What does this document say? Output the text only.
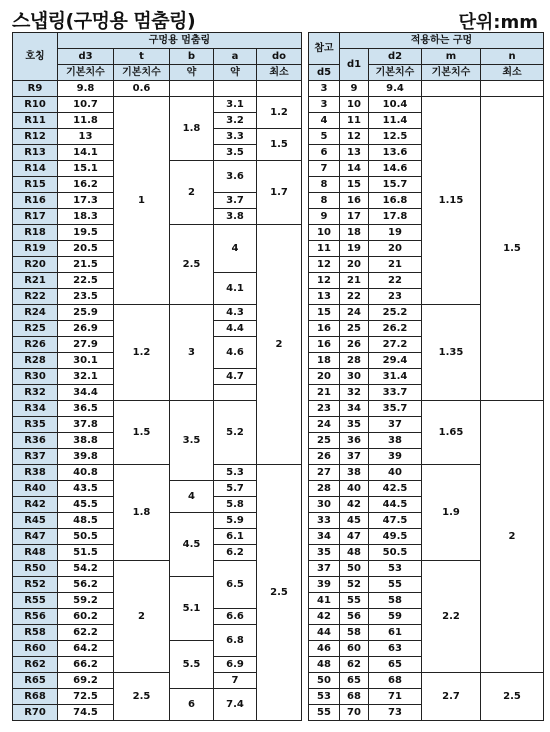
스냅링(구멍용 멈춤링)	단위:mm
호칭	구멍용 멈춤링				
	d3	t	b	a	do
	기본치수	기본치수	약	약	최소
R9	9.8	0.6			
R10	10.7	1	1.8	3.1	1.2
R11	11.8			3.2	
R12	13			3.3	1.5
R13	14.1			3.5	
R14	15.1		2	3.6	1.7
R15	16.2				
R16	17.3			3.7	
R17	18.3			3.8	
R18	19.5		2.5	4	2
R19	20.5				
R20	21.5				
R21	22.5			4.1	
R22	23.5				
R24	25.9	1.2	3	4.3	
R25	26.9			4.4	
R26	27.9			4.6	
R28	30.1				
R30	32.1			4.7	
R32	34.4				
R34	36.5	1.5	3.5	5.2	
R35	37.8				
R36	38.8				
R37	39.8				
R38	40.8	1.8		5.3	2.5
R40	43.5		4	5.7	
R42	45.5			5.8	
R45	48.5		4.5	5.9	
R47	50.5			6.1	
R48	51.5			6.2	
R50	54.2	2		6.5	
R52	56.2		5.1		
R55	59.2				
R56	60.2			6.6	
R58	62.2			6.8	
R60	64.2		5.5		
R62	66.2			6.9	
R65	69.2	2.5		7	
R68	72.5		6	7.4	
R70	74.5				
참고	적용하는 구멍			
	d1	d2	m	n
d5		기본치수	기본치수	최소
3	9	9.4		
3	10	10.4	1.15	1.5
4	11	11.4		
5	12	12.5		
6	13	13.6		
7	14	14.6		
8	15	15.7		
8	16	16.8		
9	17	17.8		
10	18	19		
11	19	20		
12	20	21		
12	21	22		
13	22	23		
15	24	25.2	1.35	
16	25	26.2		
16	26	27.2		
18	28	29.4		
20	30	31.4		
21	32	33.7		
23	34	35.7	1.65	2
24	35	37		
25	36	38		
26	37	39		
27	38	40	1.9	
28	40	42.5		
30	42	44.5		
33	45	47.5		
34	47	49.5		
35	48	50.5		
37	50	53	2.2	
39	52	55		
41	55	58		
42	56	59		
44	58	61		
46	60	63		
48	62	65		
50	65	68	2.7	2.5
53	68	71		
55	70	73		
